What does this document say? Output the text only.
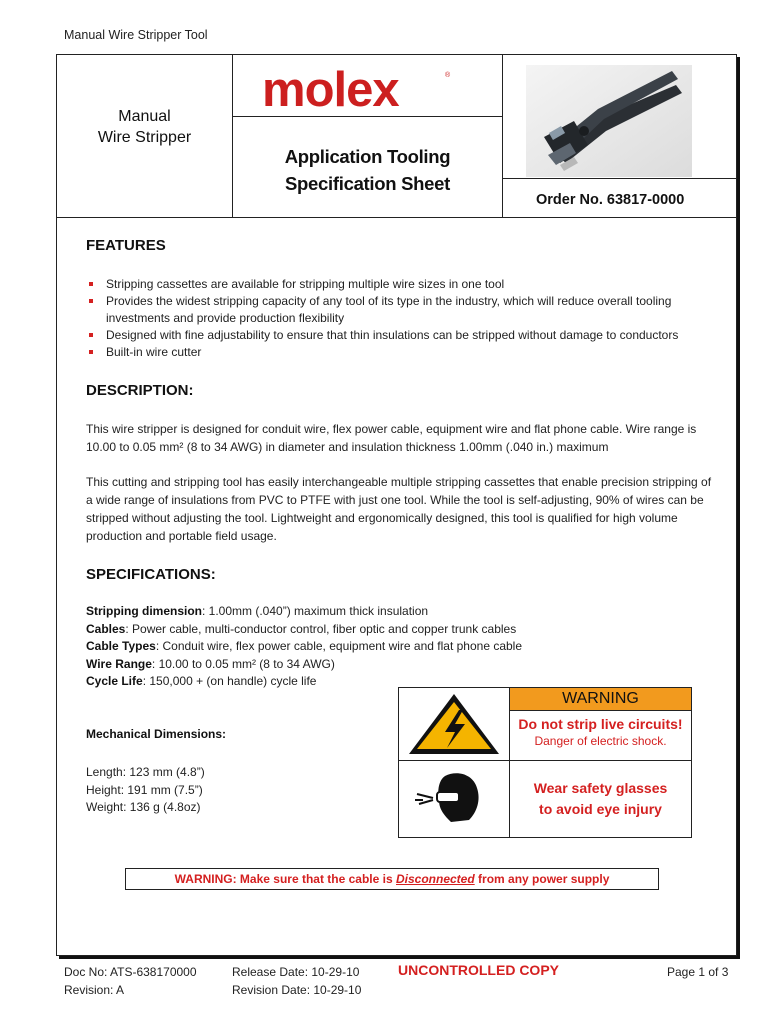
Manual Wire Stripper Tool
Manual
Wire Stripper
molex	®
Application Tooling
Specification Sheet
Order No. 63817-0000
FEATURES
Stripping cassettes are available for stripping multiple wire sizes in one tool
Provides the widest stripping capacity of any tool of its type in the industry, which will reduce overall tooling investments and provide production flexibility
Designed with fine adjustability to ensure that thin insulations can be stripped without damage to conductors
Built-in wire cutter
DESCRIPTION:

This wire stripper is designed for conduit wire, flex power cable, equipment wire and flat phone cable. Wire range is 10.00 to 0.05 mm² (8 to 34 AWG) in diameter and insulation thickness 1.00mm (.040 in.) maximum

This cutting and stripping tool has easily interchangeable multiple stripping cassettes that enable precision stripping of a wide range of insulations from PVC to PTFE with just one tool. While the tool is self-adjusting, 90% of wires can be stripped without adjusting the tool. Lightweight and ergonomically designed, this tool is qualified for high volume production and portable field usage.

SPECIFICATIONS:
Stripping dimension: 1.00mm (.040”) maximum thick insulation
Cables: Power cable, multi-conductor control, fiber optic and copper trunk cables
Cable Types: Conduit wire, flex power cable, equipment wire and flat phone cable
Wire Range: 10.00 to 0.05 mm² (8 to 34 AWG)
Cycle Life: 150,000 + (on handle) cycle life
Mechanical Dimensions:
Length: 123 mm (4.8”)
Height: 191 mm (7.5”)
Weight: 136 g (4.8oz)
WARNING
Do not strip live circuits!
Danger of electric shock.
Wear safety glasses
to avoid eye injury
WARNING: Make sure that the cable is Disconnected from any power supply
Doc No: ATS-638170000
Revision: A
Release Date: 10-29-10
Revision Date: 10-29-10
UNCONTROLLED COPY	Page 1 of 3
